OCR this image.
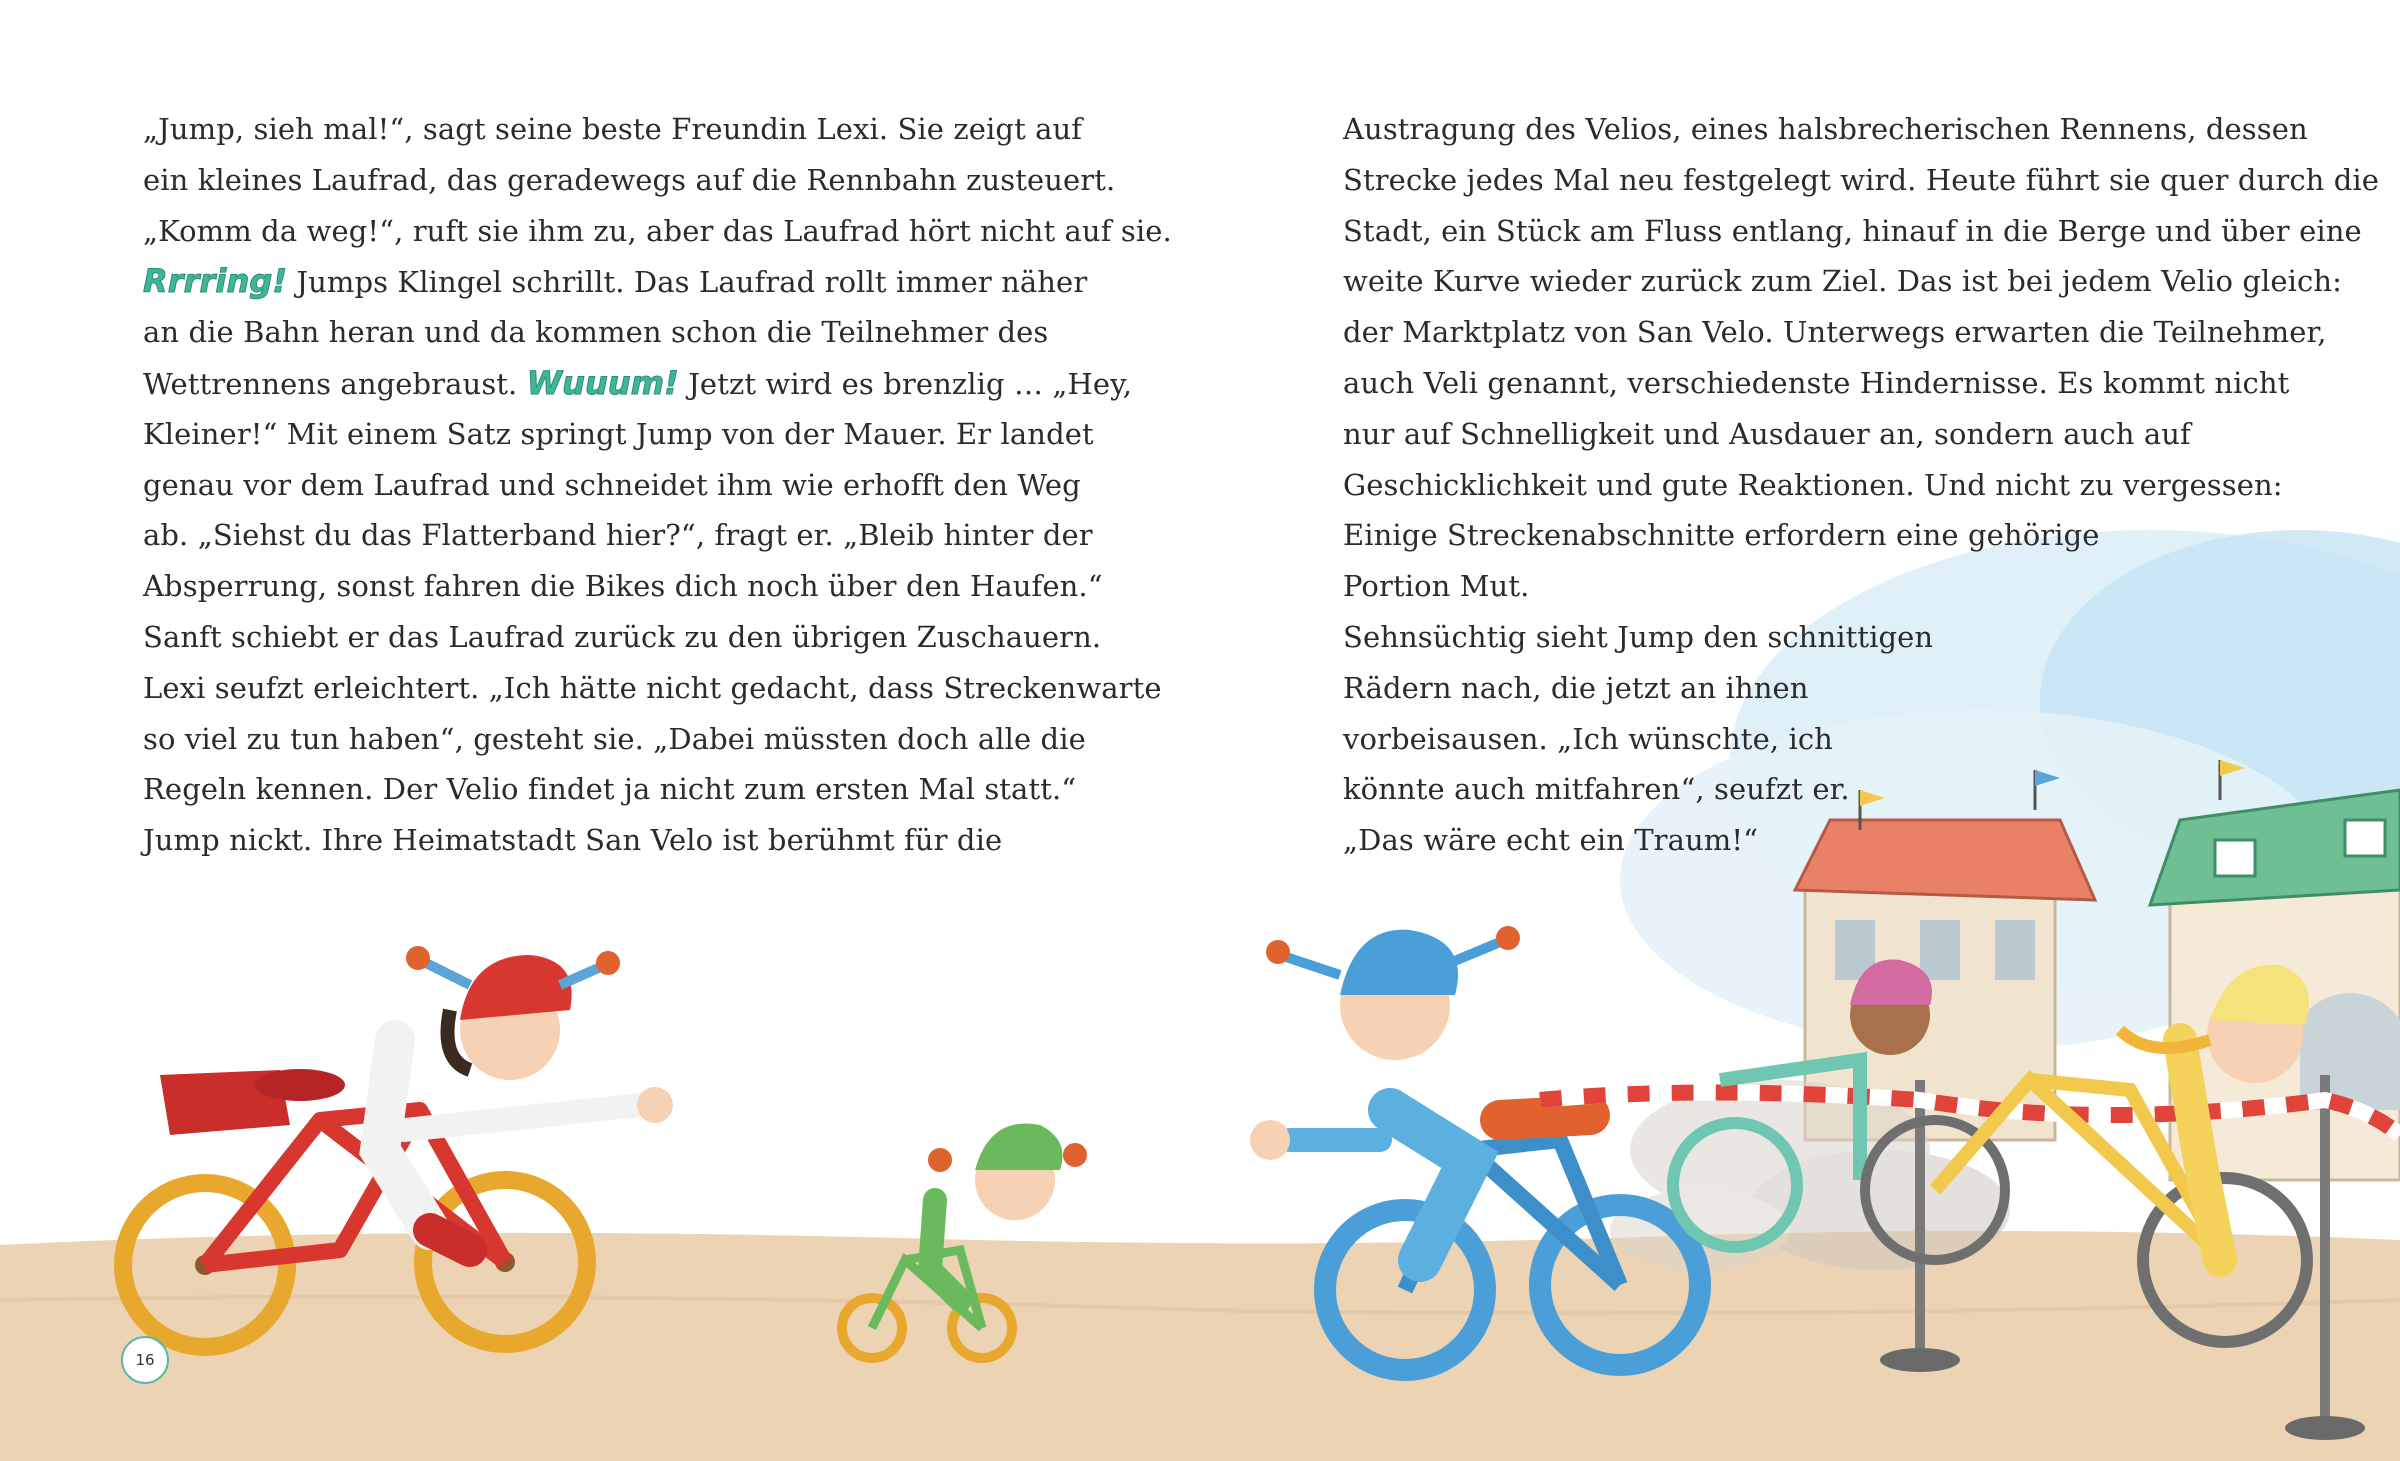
„Jump, sieh mal!“, sagt seine beste Freundin Lexi. Sie zeigt auf
ein kleines Laufrad, das geradewegs auf die Rennbahn zusteuert.
„Komm da weg!“, ruft sie ihm zu, aber das Laufrad hört nicht auf sie.
Rrrring! Jumps Klingel schrillt. Das Laufrad rollt immer näher
an die Bahn heran und da kommen schon die Teilnehmer des
Wettrennens angebraust. Wuuum! Jetzt wird es brenzlig … „Hey,
Kleiner!“ Mit einem Satz springt Jump von der Mauer. Er landet
genau vor dem Laufrad und schneidet ihm wie erhofft den Weg
ab. „Siehst du das Flatterband hier?“, fragt er. „Bleib hinter der
Absperrung, sonst fahren die Bikes dich noch über den Haufen.“
Sanft schiebt er das Laufrad zurück zu den übrigen Zuschauern.
Lexi seufzt erleichtert. „Ich hätte nicht gedacht, dass Streckenwarte
so viel zu tun haben“, gesteht sie. „Dabei müssten doch alle die
Regeln kennen. Der Velio findet ja nicht zum ersten Mal statt.“
Jump nickt. Ihre Heimatstadt San Velo ist berühmt für die
Austragung des Velios, eines halsbrecherischen Rennens, dessen
Strecke jedes Mal neu festgelegt wird. Heute führt sie quer durch die
Stadt, ein Stück am Fluss entlang, hinauf in die Berge und über eine
weite Kurve wieder zurück zum Ziel. Das ist bei jedem Velio gleich:
der Marktplatz von San Velo. Unterwegs erwarten die Teilnehmer,
auch Veli genannt, verschiedenste Hindernisse. Es kommt nicht
nur auf Schnelligkeit und Ausdauer an, sondern auch auf
Geschicklichkeit und gute Reaktionen. Und nicht zu vergessen:
Einige Streckenabschnitte erfordern eine gehörige
Portion Mut.
Sehnsüchtig sieht Jump den schnittigen
Rädern nach, die jetzt an ihnen
vorbeisausen. „Ich wünschte, ich
könnte auch mitfahren“, seufzt er.
„Das wäre echt ein Traum!“
16
